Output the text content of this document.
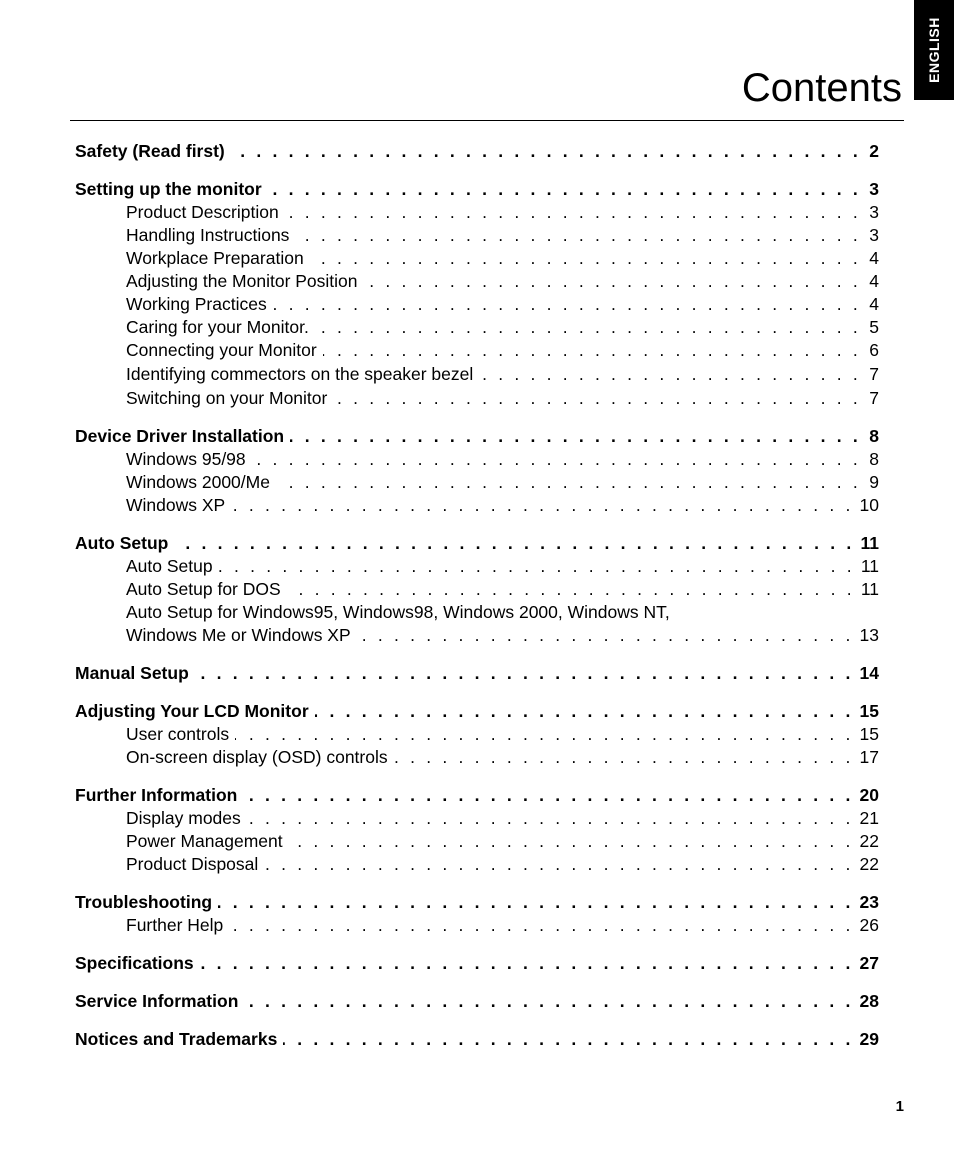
ENGLISH
Contents
Safety (Read first) . . .	2
Setting up the monitor . . .	3
Product Description . . .	3
Handling Instructions . . .	3
Workplace Preparation . . .	4
Adjusting the Monitor Position . . .	4
Working Practices . . .	4
Caring for your Monitor. . . .	5
Connecting your Monitor . . .	6
Identifying commectors on the speaker bezel . . .	7
Switching on your Monitor . . .	7
Device Driver Installation . . .	8
Windows 95/98 . . .	8
Windows 2000/Me . . .	9
Windows XP . . .	10
Auto Setup . . .	11
Auto Setup . . .	11
Auto Setup for DOS . . .	11
Auto Setup for Windows95, Windows98, Windows 2000, Windows NT,
Windows Me or Windows XP . . .	13
Manual Setup . . .	14
Adjusting Your LCD Monitor . . .	15
User controls . . .	15
On-screen display (OSD) controls . . .	17
Further Information . . .	20
Display modes . . .	21
Power Management . . .	22
Product Disposal . . .	22
Troubleshooting . . .	23
Further Help . . .	26
Specifications . . .	27
Service Information . . .	28
Notices and Trademarks . . .	29
1
